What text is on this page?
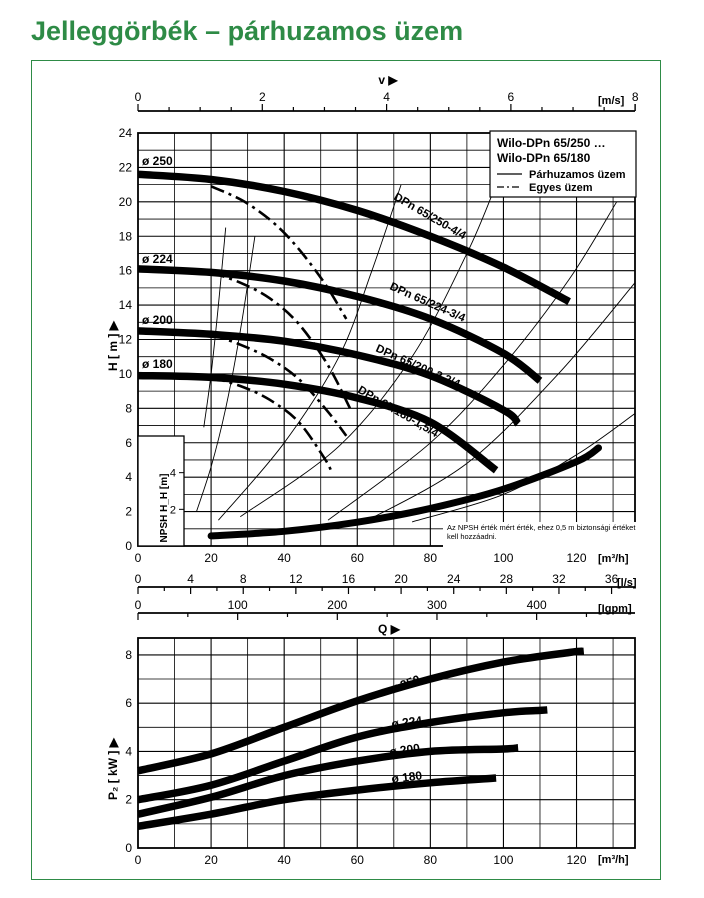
Jelleggörbék – párhuzamos üzem
2
4
0
2
4
6
8
10
12
14
16
18
20
22
24
ø 250
ø 224
ø 200
ø 180
DPn 65/250-4/4
DPn 65/224-3/4
DPn 65/200-2,2/4
DPn 65/180-1,5/4
Wilo-DPn 65/250 …
Wilo-DPn 65/180
Párhuzamos üzem
Egyes üzem
Az NPSH érték mért érték, ehez 0,5 m biztonsági értéket kell hozzáadni.
H [ m ] ▶
NPSH H_H [m]
v ▶
[m/s]
0	2	4	6	8
[m³/h]
[l/s]
[Igpm]
Q ▶
0	20	40	60	80	100	120
0	4	8	12	16	20	24	28	32	36
0	100	200	300	400
0
2
4
6
8
0	20	40	60	80	100	120
ø 250
ø 224
ø 200
ø 180
P₂ [ kW ] ▶
[m³/h]
